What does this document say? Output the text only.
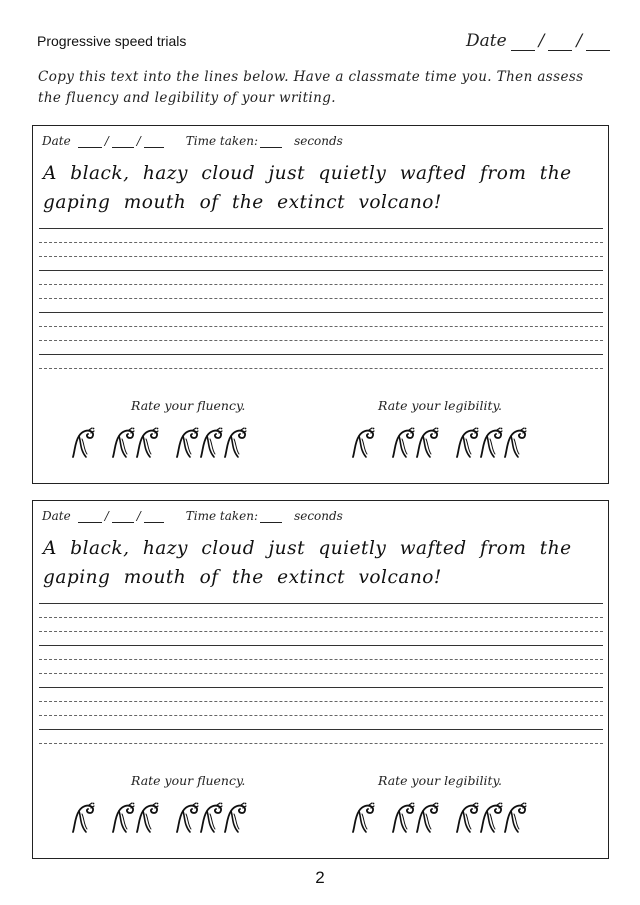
Progressive speed trials	Date / /
Copy this text into the lines below. Have a classmate time you. Then assess the fluency and legibility of your writing.
Date	/ /	Time taken:	seconds
A black, hazy cloud just quietly wafted from the
gaping mouth of the extinct volcano!
Rate your fluency.	Rate your legibility.
Date	/ /	Time taken:	seconds
A black, hazy cloud just quietly wafted from the
gaping mouth of the extinct volcano!
Rate your fluency.	Rate your legibility.
2
